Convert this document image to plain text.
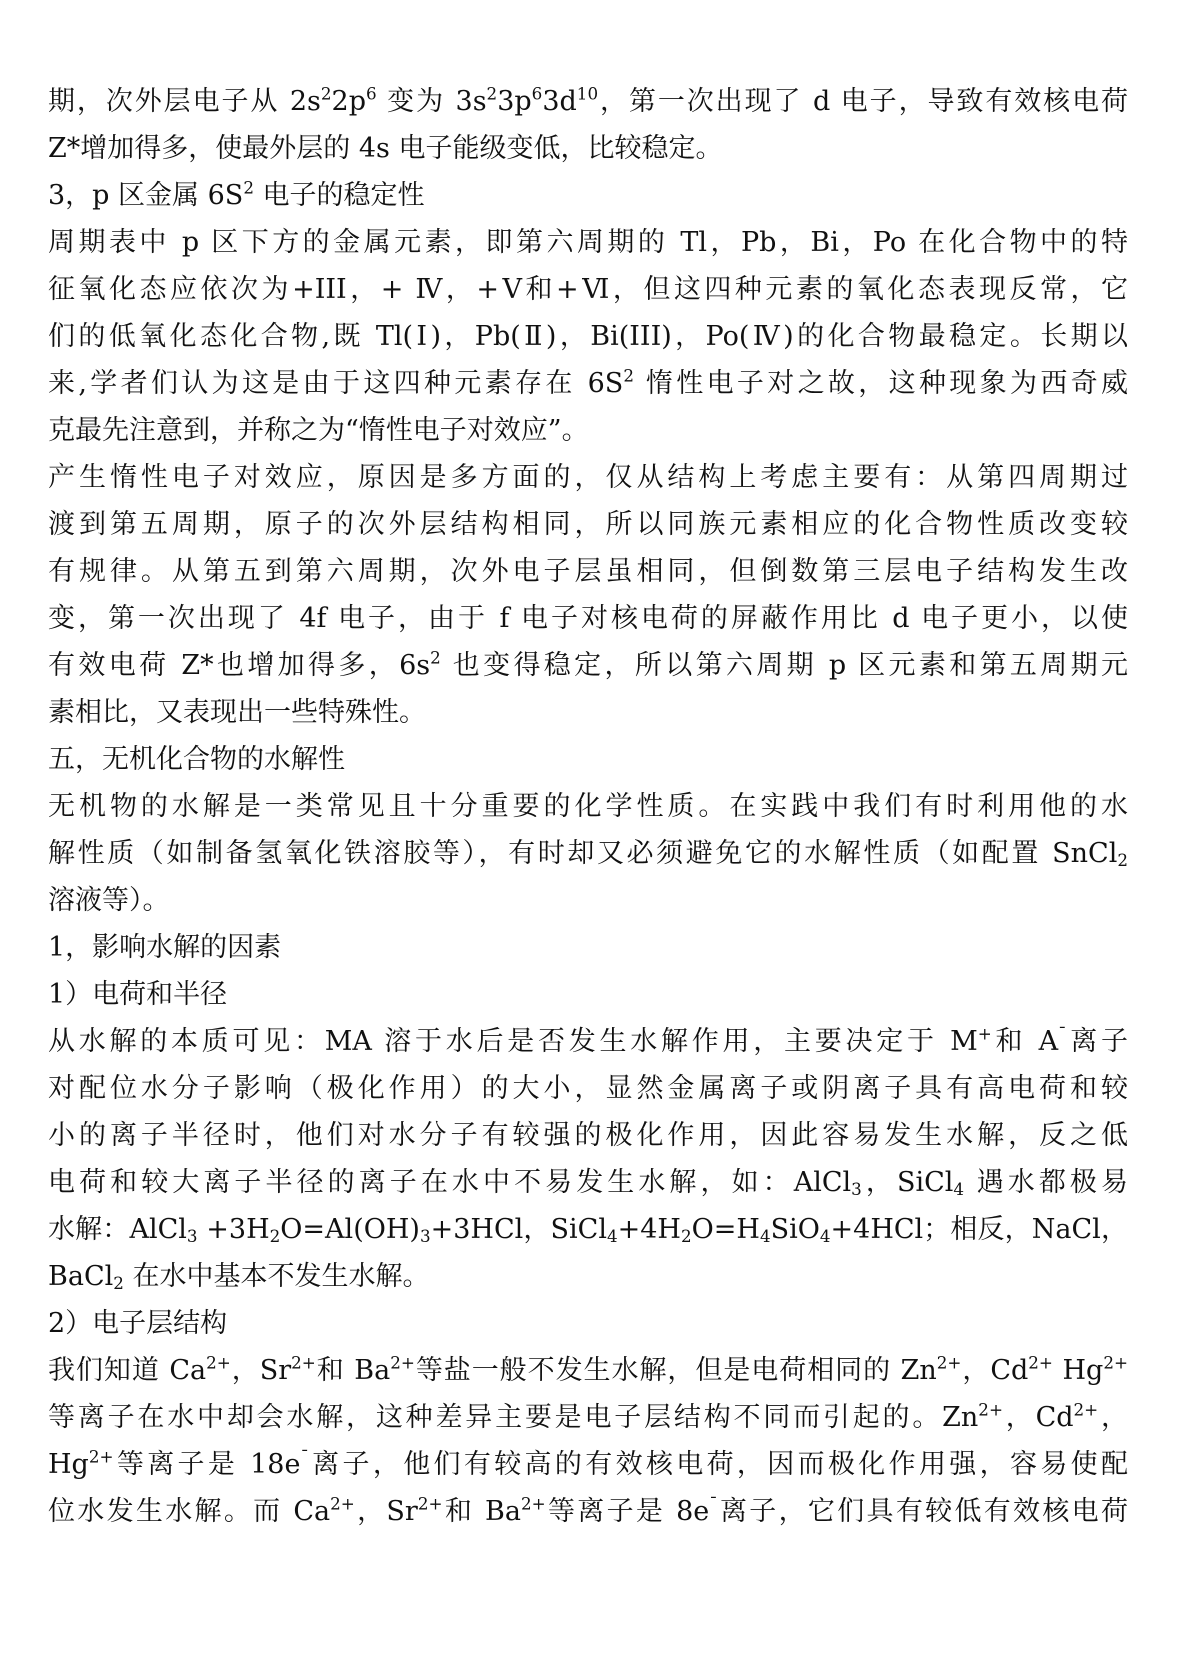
期，次外层电子从 $2s^22p^6$ 变为 $3s^23p^63d^{10}$，第一次出现了 d 电子，导致有效核电荷
Z*增加得多，使最外层的 4s 电子能级变低，比较稳定。
3，p 区金属 $6S^2$ 电子的稳定性
周期表中 p 区下方的金属元素，即第六周期的 Tl，Pb，Bi，Po 在化合物中的特
征氧化态应依次为+III，+ Ⅳ，+Ⅴ和+Ⅵ，但这四种元素的氧化态表现反常，它
们的低氧化态化合物,既 Tl(Ⅰ)，Pb(Ⅱ)，Bi(III)，Po(Ⅳ)的化合物最稳定。长期以
来,学者们认为这是由于这四种元素存在 $6S^2$ 惰性电子对之故，这种现象为西奇威
克最先注意到，并称之为“惰性电子对效应”。
产生惰性电子对效应，原因是多方面的，仅从结构上考虑主要有：从第四周期过
渡到第五周期，原子的次外层结构相同，所以同族元素相应的化合物性质改变较
有规律。从第五到第六周期，次外电子层虽相同，但倒数第三层电子结构发生改
变，第一次出现了 4f 电子，由于 f 电子对核电荷的屏蔽作用比 d 电子更小，以使
有效电荷 Z*也增加得多，$6s^2$ 也变得稳定，所以第六周期 p 区元素和第五周期元
素相比，又表现出一些特殊性。
五，无机化合物的水解性
无机物的水解是一类常见且十分重要的化学性质。在实践中我们有时利用他的水
解性质（如制备氢氧化铁溶胶等），有时却又必须避免它的水解性质（如配置 SnCl$_2$
溶液等）。
1，影响水解的因素
1）电荷和半径
从水解的本质可见：MA 溶于水后是否发生水解作用，主要决定于 M+和 A¯离子
对配位水分子影响（极化作用）的大小，显然金属离子或阴离子具有高电荷和较
小的离子半径时，他们对水分子有较强的极化作用，因此容易发生水解，反之低
电荷和较大离子半径的离子在水中不易发生水解，如：AlCl$_3$，SiCl$_4$ 遇水都极易
水解：AlCl$_3$ $+3H_2O=Al(OH)_3+3HCl$，$SiCl_4+4H_2O=H_4SiO_4+4HCl$；相反，NaCl，
BaCl$_2$ 在水中基本不发生水解。
2）电子层结构
我们知道 $Ca^{2+}$，$Sr^{2+}$和 $Ba^{2+}$等盐一般不发生水解，但是电荷相同的 $Zn^{2+}$，$Cd^{2+}$ $Hg^{2+}$
等离子在水中却会水解，这种差异主要是电子层结构不同而引起的。$Zn^{2+}$，$Cd^{2+}$，
$Hg^{2+}$等离子是 18e¯离子，他们有较高的有效核电荷，因而极化作用强，容易使配
位水发生水解。而 $Ca^{2+}$，$Sr^{2+}$和 $Ba^{2+}$等离子是 8e¯离子，它们具有较低有效核电荷
